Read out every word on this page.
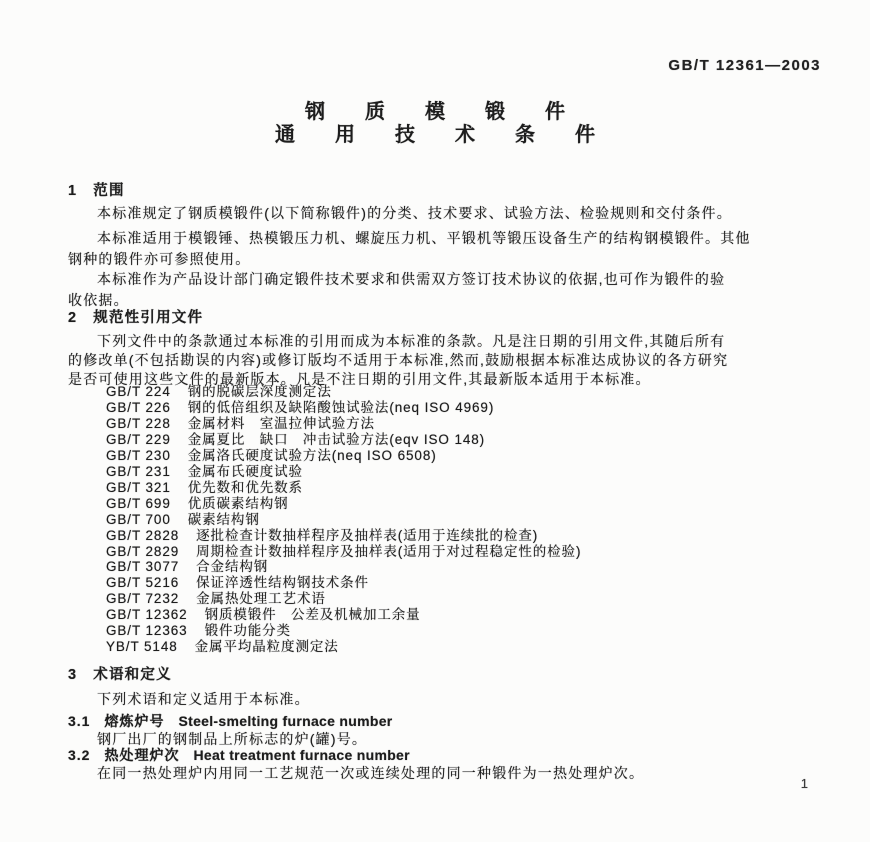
GB/T 12361—2003
钢质模锻件
通用技术条件
1 范围
本标准规定了钢质模锻件(以下简称锻件)的分类、技术要求、试验方法、检验规则和交付条件。
本标准适用于模锻锤、热模锻压力机、螺旋压力机、平锻机等锻压设备生产的结构钢模锻件。其他
钢种的锻件亦可参照使用。
本标准作为产品设计部门确定锻件技术要求和供需双方签订技术协议的依据,也可作为锻件的验
收依据。
2 规范性引用文件
下列文件中的条款通过本标准的引用而成为本标准的条款。凡是注日期的引用文件,其随后所有
的修改单(不包括勘误的内容)或修订版均不适用于本标准,然而,鼓励根据本标准达成协议的各方研究
是否可使用这些文件的最新版本。凡是不注日期的引用文件,其最新版本适用于本标准。
GB/T 224 钢的脱碳层深度测定法
GB/T 226 钢的低倍组织及缺陷酸蚀试验法(neq ISO 4969)
GB/T 228 金属材料　室温拉伸试验方法
GB/T 229 金属夏比　缺口　冲击试验方法(eqv ISO 148)
GB/T 230 金属洛氏硬度试验方法(neq ISO 6508)
GB/T 231 金属布氏硬度试验
GB/T 321 优先数和优先数系
GB/T 699 优质碳素结构钢
GB/T 700 碳素结构钢
GB/T 2828 逐批检查计数抽样程序及抽样表(适用于连续批的检查)
GB/T 2829 周期检查计数抽样程序及抽样表(适用于对过程稳定性的检验)
GB/T 3077 合金结构钢
GB/T 5216 保证淬透性结构钢技术条件
GB/T 7232 金属热处理工艺术语
GB/T 12362 钢质模锻件　公差及机械加工余量
GB/T 12363 锻件功能分类
YB/T 5148 金属平均晶粒度测定法
3 术语和定义
下列术语和定义适用于本标准。
3.1 熔炼炉号 Steel-smelting furnace number
钢厂出厂的钢制品上所标志的炉(罐)号。
3.2 热处理炉次 Heat treatment furnace number
在同一热处理炉内用同一工艺规范一次或连续处理的同一种锻件为一热处理炉次。
1
